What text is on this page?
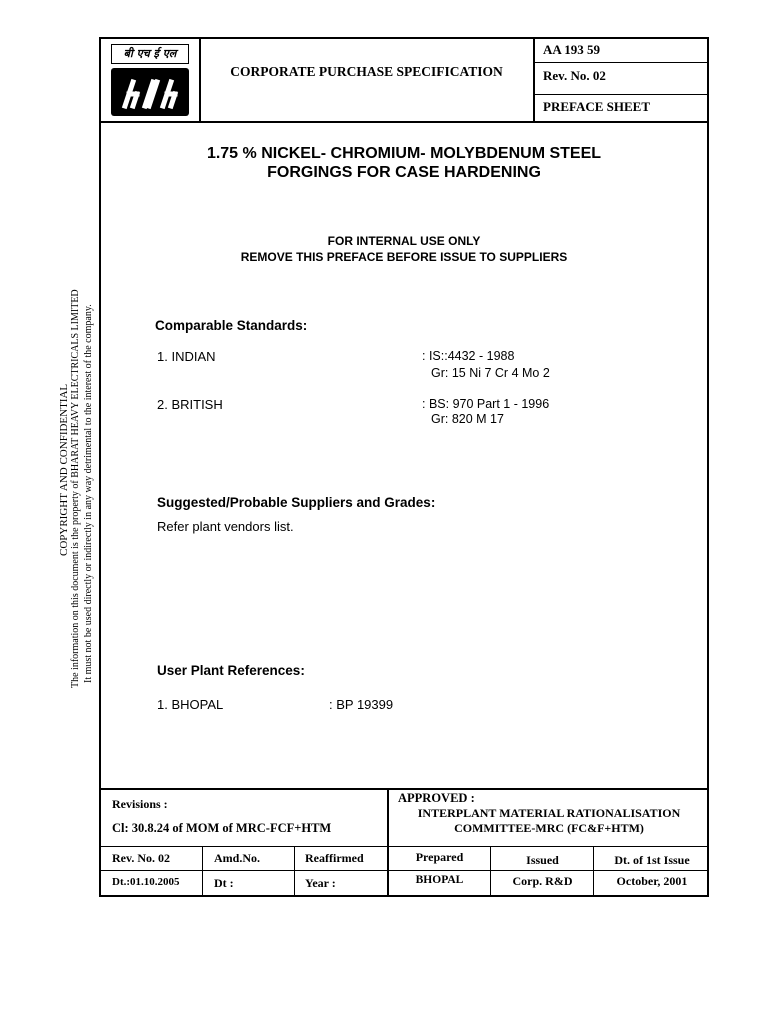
COPYRIGHT AND CONFIDENTIAL The information on this document is the property of BHARAT HEAVY ELECTRICALS LIMITED It must not be used directly or indirectly in any way detrimental to the interest of the company.
बी एच ई एल
CORPORATE PURCHASE SPECIFICATION
AA 193 59
Rev. No. 02
PREFACE SHEET
1.75 % NICKEL- CHROMIUM- MOLYBDENUM STEEL
FORGINGS FOR CASE HARDENING
FOR INTERNAL USE ONLY
REMOVE THIS PREFACE BEFORE ISSUE TO SUPPLIERS
Comparable Standards:
1. INDIAN	: IS::4432 - 1988
Gr: 15 Ni 7 Cr 4 Mo 2
2. BRITISH	: BS: 970 Part 1 - 1996
Gr: 820 M 17
Suggested/Probable Suppliers and Grades:
Refer plant vendors list.
User Plant References:
1. BHOPAL	: BP 19399
Revisions :
Cl: 30.8.24 of MOM of MRC-FCF+HTM
APPROVED :
INTERPLANT MATERIAL RATIONALISATION
COMMITTEE-MRC (FC&F+HTM)
Rev. No. 02	Amd.No.	Reaffirmed	Prepared	Issued	Dt. of 1st Issue
Dt.:01.10.2005	Dt :	Year :	BHOPAL	Corp. R&D	October, 2001
